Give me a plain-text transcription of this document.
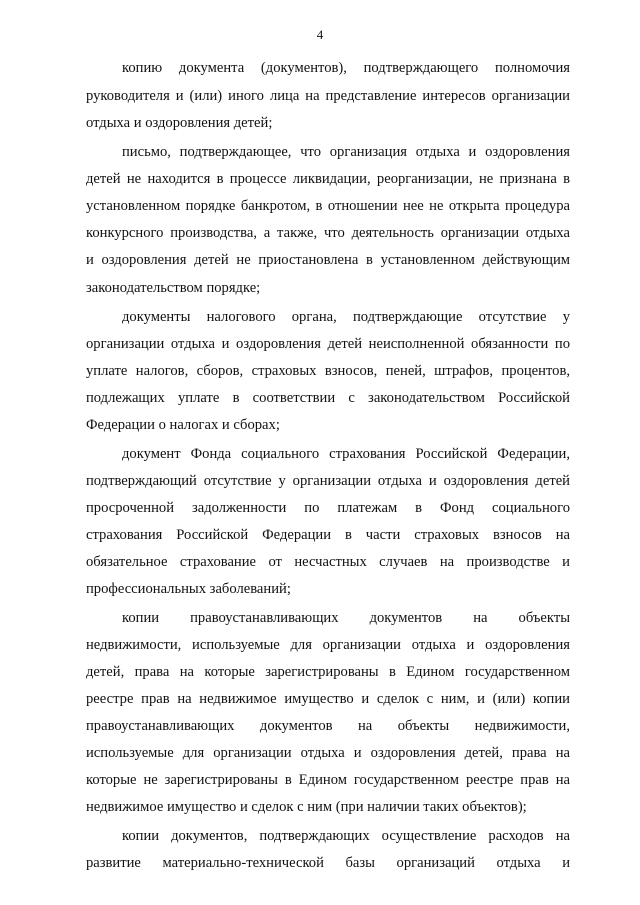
4
копию документа (документов), подтверждающего полномочия
руководителя и (или) иного лица на представление интересов организации
отдыха и оздоровления детей;
письмо, подтверждающее, что организация отдыха и оздоровления
детей не находится в процессе ликвидации, реорганизации, не признана в
установленном порядке банкротом, в отношении нее не открыта процедура
конкурсного производства, а также, что деятельность организации отдыха
и оздоровления детей не приостановлена в установленном действующим
законодательством порядке;
документы налогового органа, подтверждающие отсутствие у
организации отдыха и оздоровления детей неисполненной обязанности по
уплате налогов, сборов, страховых взносов, пеней, штрафов, процентов,
подлежащих уплате в соответствии с законодательством Российской
Федерации о налогах и сборах;
документ Фонда социального страхования Российской Федерации,
подтверждающий отсутствие у организации отдыха и оздоровления детей
просроченной задолженности по платежам в Фонд социального
страхования Российской Федерации в части страховых взносов на
обязательное страхование от несчастных случаев на производстве и
профессиональных заболеваний;
копии правоустанавливающих документов на объекты
недвижимости, используемые для организации отдыха и оздоровления
детей, права на которые зарегистрированы в Едином государственном
реестре прав на недвижимое имущество и сделок с ним, и (или) копии
правоустанавливающих документов на объекты недвижимости,
используемые для организации отдыха и оздоровления детей, права на
которые не зарегистрированы в Едином государственном реестре прав на
недвижимое имущество и сделок с ним (при наличии таких объектов);
копии документов, подтверждающих осуществление расходов на
развитие материально-технической базы организаций отдыха и
